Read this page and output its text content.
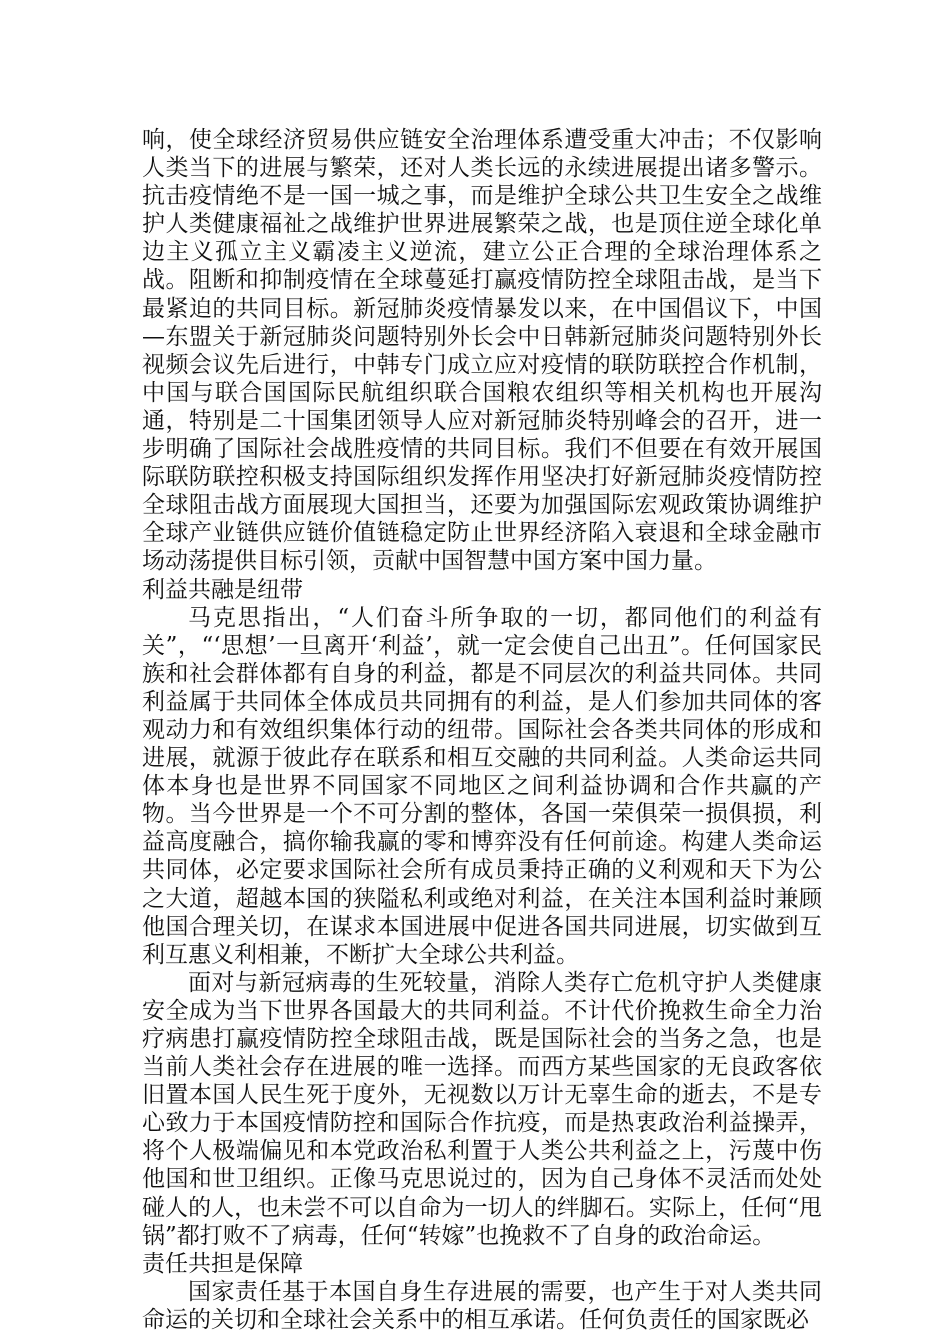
响，使全球经济贸易供应链安全治理体系遭受重大冲击；不仅影响人类当下的进展与繁荣，还对人类长远的永续进展提出诸多警示。抗击疫情绝不是一国一城之事，而是维护全球公共卫生安全之战维护人类健康福祉之战维护世界进展繁荣之战，也是顶住逆全球化单边主义孤立主义霸凌主义逆流，建立公正合理的全球治理体系之战。阻断和抑制疫情在全球蔓延打赢疫情防控全球阻击战，是当下最紧迫的共同目标。新冠肺炎疫情暴发以来，在中国倡议下，中国—东盟关于新冠肺炎问题特别外长会中日韩新冠肺炎问题特别外长视频会议先后进行，中韩专门成立应对疫情的联防联控合作机制，中国与联合国国际民航组织联合国粮农组织等相关机构也开展沟通，特别是二十国集团领导人应对新冠肺炎特别峰会的召开，进一步明确了国际社会战胜疫情的共同目标。我们不但要在有效开展国际联防联控积极支持国际组织发挥作用坚决打好新冠肺炎疫情防控全球阻击战方面展现大国担当，还要为加强国际宏观政策协调维护全球产业链供应链价值链稳定防止世界经济陷入衰退和全球金融市场动荡提供目标引领，贡献中国智慧中国方案中国力量。

利益共融是纽带

马克思指出，“人们奋斗所争取的一切，都同他们的利益有关”，“‘思想’一旦离开‘利益’，就一定会使自己出丑”。任何国家民族和社会群体都有自身的利益，都是不同层次的利益共同体。共同利益属于共同体全体成员共同拥有的利益，是人们参加共同体的客观动力和有效组织集体行动的纽带。国际社会各类共同体的形成和进展，就源于彼此存在联系和相互交融的共同利益。人类命运共同体本身也是世界不同国家不同地区之间利益协调和合作共赢的产物。当今世界是一个不可分割的整体，各国一荣俱荣一损俱损，利益高度融合，搞你输我赢的零和博弈没有任何前途。构建人类命运共同体，必定要求国际社会所有成员秉持正确的义利观和天下为公之大道，超越本国的狭隘私利或绝对利益，在关注本国利益时兼顾他国合理关切，在谋求本国进展中促进各国共同进展，切实做到互利互惠义利相兼，不断扩大全球公共利益。

面对与新冠病毒的生死较量，消除人类存亡危机守护人类健康安全成为当下世界各国最大的共同利益。不计代价挽救生命全力治疗病患打赢疫情防控全球阻击战，既是国际社会的当务之急，也是当前人类社会存在进展的唯一选择。而西方某些国家的无良政客依旧置本国人民生死于度外，无视数以万计无辜生命的逝去，不是专心致力于本国疫情防控和国际合作抗疫，而是热衷政治利益操弄，将个人极端偏见和本党政治私利置于人类公共利益之上，污蔑中伤他国和世卫组织。正像马克思说过的，因为自己身体不灵活而处处碰人的人，也未尝不可以自命为一切人的绊脚石。实际上，任何“甩锅”都打败不了病毒，任何“转嫁”也挽救不了自身的政治命运。

责任共担是保障

国家责任基于本国自身生存进展的需要，也产生于对人类共同命运的关切和全球社会关系中的相互承诺。任何负责任的国家既必
